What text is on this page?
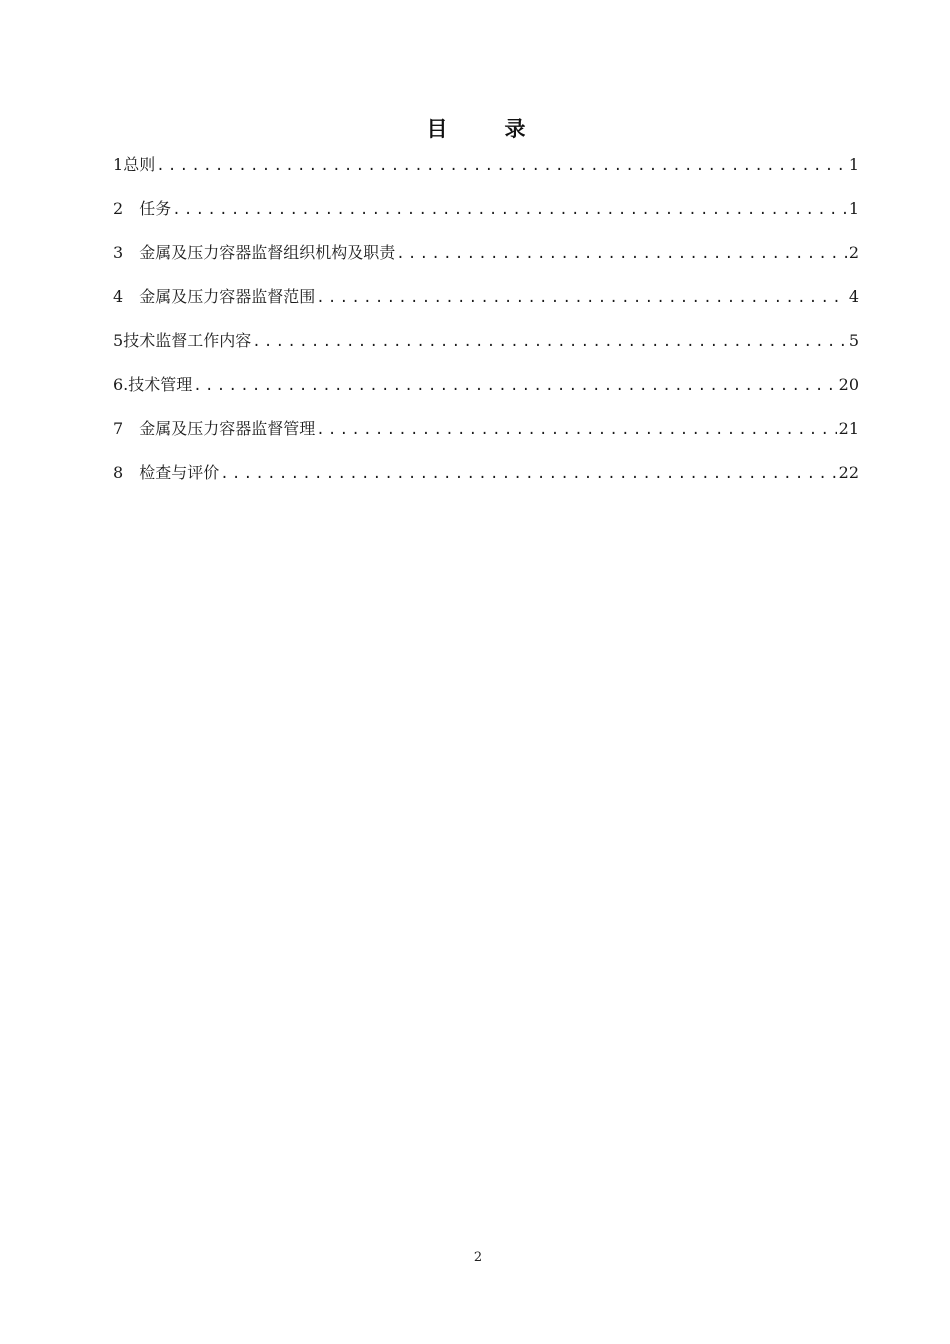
目　录
1 总则 .....	1
2　 任务 .....	1
3　 金属及压力容器监督组织机构及职责 .....	2
4　 金属及压力容器监督范围 .....	4
5 技术监督工作内容 .....	5
6. 技术管理 .....	20
7　 金属及压力容器监督管理 .....	21
8　 检查与评价 .....	22
2
